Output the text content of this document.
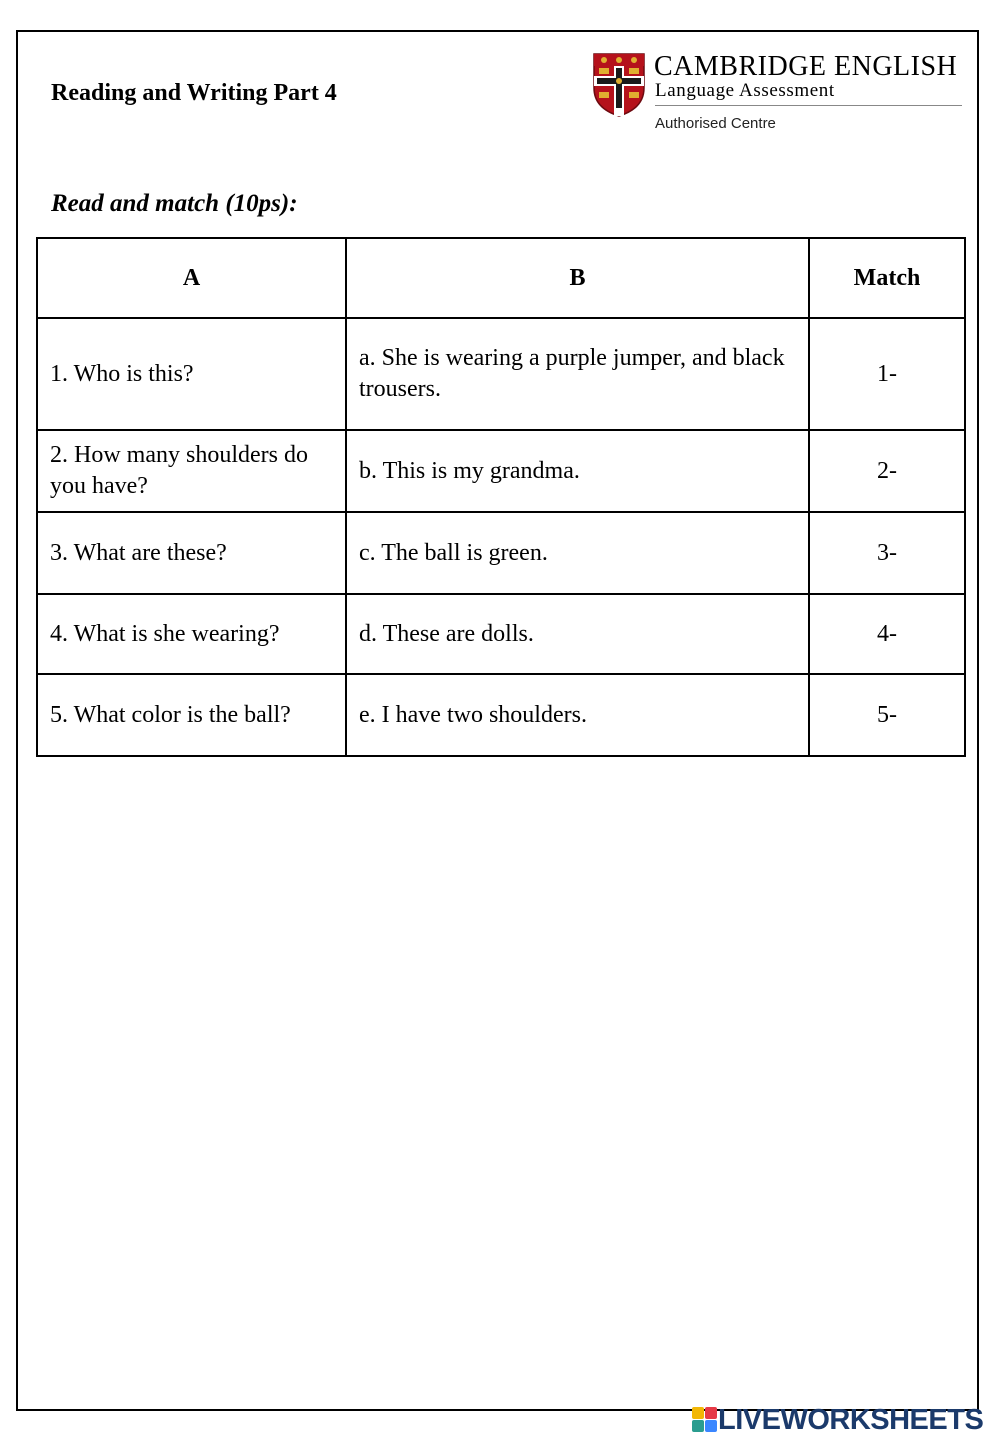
Reading and Writing Part 4
CAMBRIDGE ENGLISH
Language Assessment
Authorised Centre
Read and match (10ps):
A	B	Match
1. Who is this?	a. She is wearing a purple jumper, and black trousers.	1-
2. How many shoulders do you have?	b. This is my grandma.	2-
3. What are these?	c. The ball is green.	3-
4. What is she wearing?	d. These are dolls.	4-
5. What color is the ball?	e. I have two shoulders.	5-
LIVEWORKSHEETS
